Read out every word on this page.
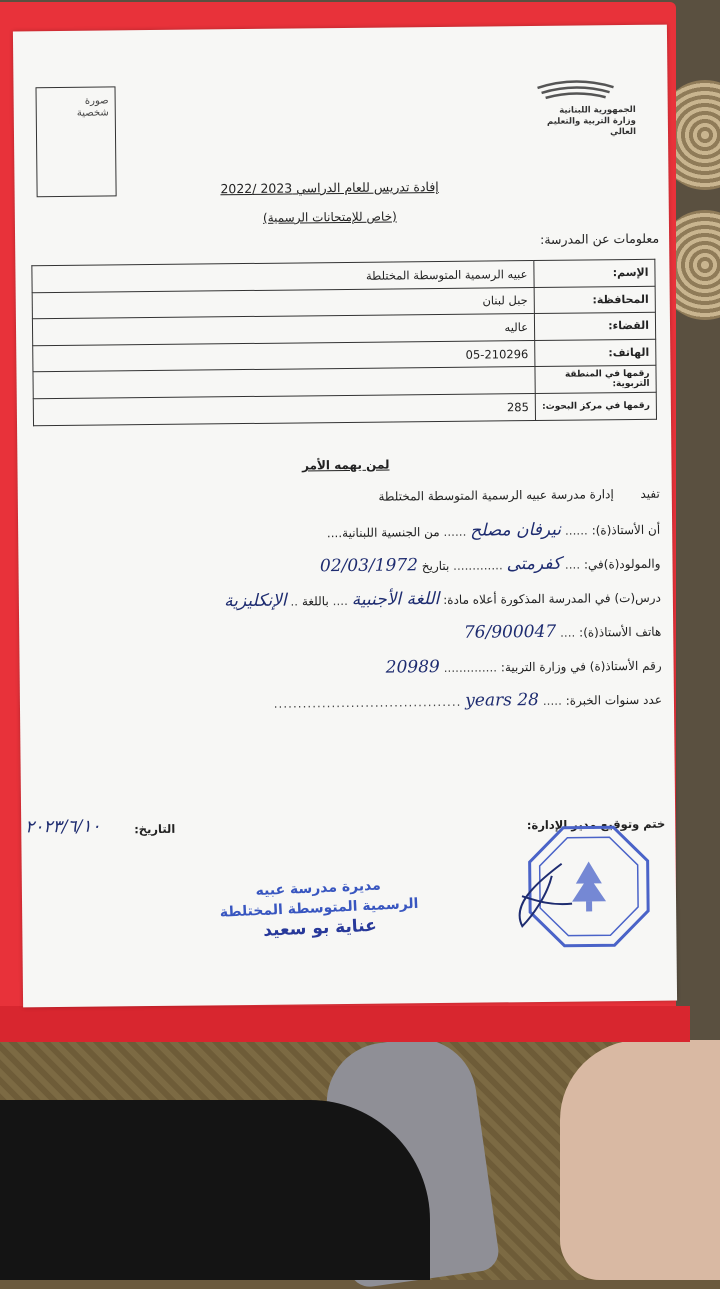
صورة
شخصية	الجمهورية اللبنانية
وزارة التربية والتعليم العالي
إفادة تدريس للعام الدراسي 2023 /2022
(خاص للإمتحانات الرسمية)
معلومات عن المدرسة:
الإسم:	عبيه الرسمية المتوسطة المختلطة
المحافظة:	جبل لبنان
القضاء:	عاليه
الهاتف:	05-210296
رقمها في المنطقة التربوية:	
رقمها في مركز البحوث:	285
لمن يهمه الأمر
تفيد       إدارة مدرسة عبيه الرسمية المتوسطة المختلطة
أن الأستاذ(ة): ...... نيرفان مصلح ...... من الجنسية اللبنانية....
والمولود(ة)في: .... كفرمتى ............. بتاريخ 02/03/1972
درس(ت) في المدرسة المذكورة أعلاه مادة: اللغة الأجنبية .... باللغة .. الإنكليزية
هاتف الأستاذ(ة): .... 76/900047
رقم الأستاذ(ة) في وزارة التربية: .............. 20989
عدد سنوات الخبرة: ..... 28 years .......................................
ختم وتوقيع مدير الإدارة:
التاريخ:
٢٠٢٣/٦/١٠
مديرة مدرسة عبيه
الرسمية المتوسطة المختلطة
عناية بو سعيد
